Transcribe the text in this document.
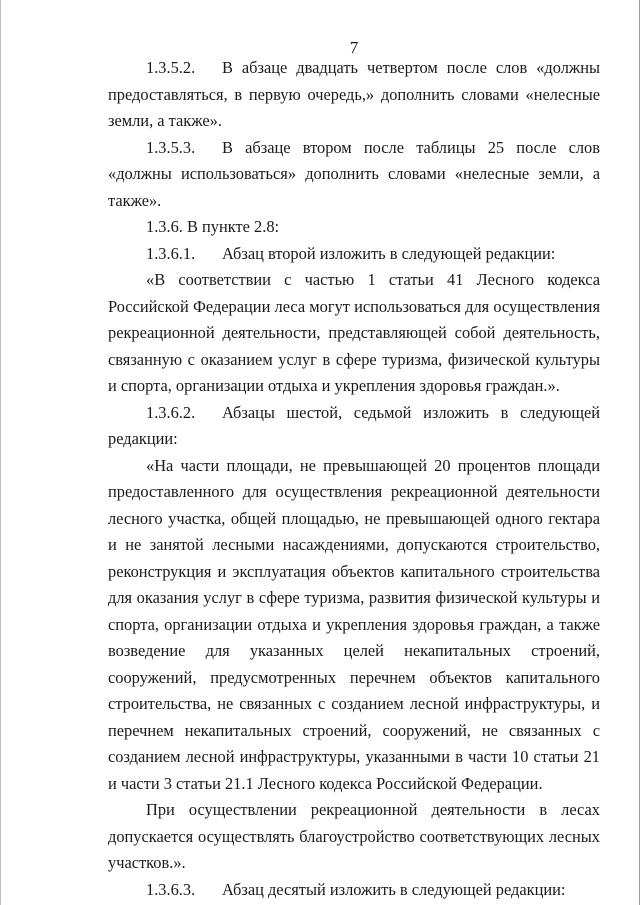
7

1.3.5.2. В абзаце двадцать четвертом после слов «должны предоставляться, в первую очередь,» дополнить словами «нелесные земли, а также».

1.3.5.3. В абзаце втором после таблицы 25 после слов «должны использоваться» дополнить словами «нелесные земли, а также».

1.3.6. В пункте 2.8:

1.3.6.1. Абзац второй изложить в следующей редакции:

«В соответствии с частью 1 статьи 41 Лесного кодекса Российской Федерации леса могут использоваться для осуществления рекреационной деятельности, представляющей собой деятельность, связанную с оказанием услуг в сфере туризма, физической культуры и спорта, организации отдыха и укрепления здоровья граждан.».

1.3.6.2. Абзацы шестой, седьмой изложить в следующей редакции:

«На части площади, не превышающей 20 процентов площади предоставленного для осуществления рекреационной деятельности лесного участка, общей площадью, не превышающей одного гектара и не занятой лесными насаждениями, допускаются строительство, реконструкция и эксплуатация объектов капитального строительства для оказания услуг в сфере туризма, развития физической культуры и спорта, организации отдыха и укрепления здоровья граждан, а также возведение для указанных целей некапитальных строений, сооружений, предусмотренных перечнем объектов капитального строительства, не связанных с созданием лесной инфраструктуры, и перечнем некапитальных строений, сооружений, не связанных с созданием лесной инфраструктуры, указанными в части 10 статьи 21 и части 3 статьи 21.1 Лесного кодекса Российской Федерации.

При осуществлении рекреационной деятельности в лесах допускается осуществлять благоустройство соответствующих лесных участков.».

1.3.6.3. Абзац десятый изложить в следующей редакции:
